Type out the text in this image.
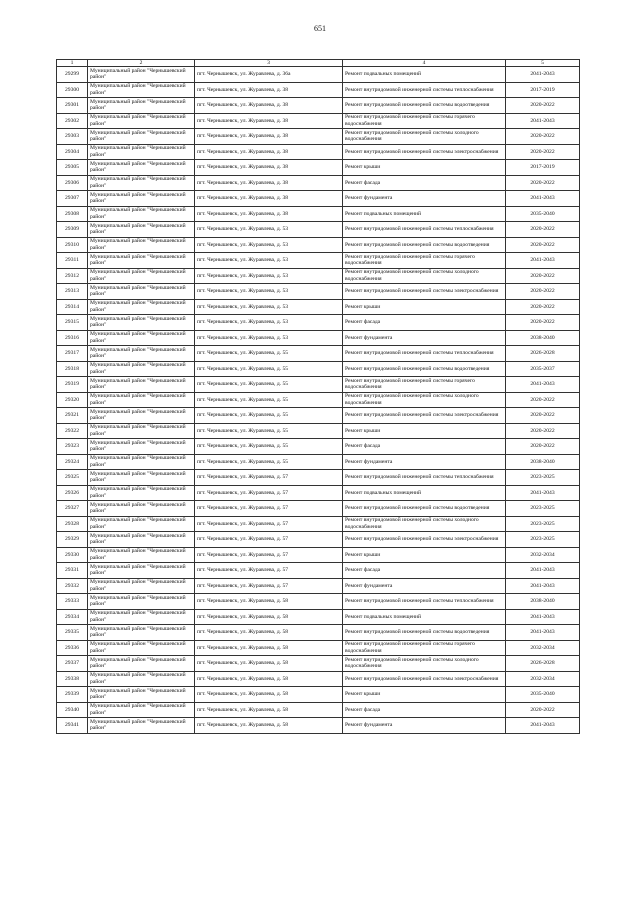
651
1	2	3	4	5
29299	Муниципальный район "Чернышевский район"	пгт. Чернышевск, ул. Журавлева, д. 36а	Ремонт подвальных помещений	2041-2043
29300	Муниципальный район "Чернышевский район"	пгт. Чернышевск, ул. Журавлева, д. 38	Ремонт внутридомовой инженерной системы теплоснабжения	2017-2019
29301	Муниципальный район "Чернышевский район"	пгт. Чернышевск, ул. Журавлева, д. 38	Ремонт внутридомовой инженерной системы водоотведения	2020-2022
29302	Муниципальный район "Чернышевский район"	пгт. Чернышевск, ул. Журавлева, д. 38	Ремонт внутридомовой инженерной системы горячего водоснабжения	2041-2043
29303	Муниципальный район "Чернышевский район"	пгт. Чернышевск, ул. Журавлева, д. 38	Ремонт внутридомовой инженерной системы холодного водоснабжения	2020-2022
29304	Муниципальный район "Чернышевский район"	пгт. Чернышевск, ул. Журавлева, д. 38	Ремонт внутридомовой инженерной системы электроснабжения	2020-2022
29305	Муниципальный район "Чернышевский район"	пгт. Чернышевск, ул. Журавлева, д. 38	Ремонт крыши	2017-2019
29306	Муниципальный район "Чернышевский район"	пгт. Чернышевск, ул. Журавлева, д. 38	Ремонт фасада	2020-2022
29307	Муниципальный район "Чернышевский район"	пгт. Чернышевск, ул. Журавлева, д. 38	Ремонт фундамента	2041-2043
29308	Муниципальный район "Чернышевский район"	пгт. Чернышевск, ул. Журавлева, д. 38	Ремонт подвальных помещений	2035-2040
29309	Муниципальный район "Чернышевский район"	пгт. Чернышевск, ул. Журавлева, д. 53	Ремонт внутридомовой инженерной системы теплоснабжения	2020-2022
29310	Муниципальный район "Чернышевский район"	пгт. Чернышевск, ул. Журавлева, д. 53	Ремонт внутридомовой инженерной системы водоотведения	2020-2022
29311	Муниципальный район "Чернышевский район"	пгт. Чернышевск, ул. Журавлева, д. 53	Ремонт внутридомовой инженерной системы горячего водоснабжения	2041-2043
29312	Муниципальный район "Чернышевский район"	пгт. Чернышевск, ул. Журавлева, д. 53	Ремонт внутридомовой инженерной системы холодного водоснабжения	2020-2022
29313	Муниципальный район "Чернышевский район"	пгт. Чернышевск, ул. Журавлева, д. 53	Ремонт внутридомовой инженерной системы электроснабжения	2020-2022
29314	Муниципальный район "Чернышевский район"	пгт. Чернышевск, ул. Журавлева, д. 53	Ремонт крыши	2020-2022
29315	Муниципальный район "Чернышевский район"	пгт. Чернышевск, ул. Журавлева, д. 53	Ремонт фасада	2020-2022
29316	Муниципальный район "Чернышевский район"	пгт. Чернышевск, ул. Журавлева, д. 53	Ремонт фундамента	2038-2040
29317	Муниципальный район "Чернышевский район"	пгт. Чернышевск, ул. Журавлева, д. 55	Ремонт внутридомовой инженерной системы теплоснабжения	2026-2028
29318	Муниципальный район "Чернышевский район"	пгт. Чернышевск, ул. Журавлева, д. 55	Ремонт внутридомовой инженерной системы водоотведения	2035-2037
29319	Муниципальный район "Чернышевский район"	пгт. Чернышевск, ул. Журавлева, д. 55	Ремонт внутридомовой инженерной системы горячего водоснабжения	2041-2043
29320	Муниципальный район "Чернышевский район"	пгт. Чернышевск, ул. Журавлева, д. 55	Ремонт внутридомовой инженерной системы холодного водоснабжения	2020-2022
29321	Муниципальный район "Чернышевский район"	пгт. Чернышевск, ул. Журавлева, д. 55	Ремонт внутридомовой инженерной системы электроснабжения	2020-2022
29322	Муниципальный район "Чернышевский район"	пгт. Чернышевск, ул. Журавлева, д. 55	Ремонт крыши	2020-2022
29323	Муниципальный район "Чернышевский район"	пгт. Чернышевск, ул. Журавлева, д. 55	Ремонт фасада	2020-2022
29324	Муниципальный район "Чернышевский район"	пгт. Чернышевск, ул. Журавлева, д. 55	Ремонт фундамента	2038-2040
29325	Муниципальный район "Чернышевский район"	пгт. Чернышевск, ул. Журавлева, д. 57	Ремонт внутридомовой инженерной системы теплоснабжения	2023-2025
29326	Муниципальный район "Чернышевский район"	пгт. Чернышевск, ул. Журавлева, д. 57	Ремонт подвальных помещений	2041-2043
29327	Муниципальный район "Чернышевский район"	пгт. Чернышевск, ул. Журавлева, д. 57	Ремонт внутридомовой инженерной системы водоотведения	2023-2025
29328	Муниципальный район "Чернышевский район"	пгт. Чернышевск, ул. Журавлева, д. 57	Ремонт внутридомовой инженерной системы холодного водоснабжения	2023-2025
29329	Муниципальный район "Чернышевский район"	пгт. Чернышевск, ул. Журавлева, д. 57	Ремонт внутридомовой инженерной системы электроснабжения	2023-2025
29330	Муниципальный район "Чернышевский район"	пгт. Чернышевск, ул. Журавлева, д. 57	Ремонт крыши	2032-2034
29331	Муниципальный район "Чернышевский район"	пгт. Чернышевск, ул. Журавлева, д. 57	Ремонт фасада	2041-2043
29332	Муниципальный район "Чернышевский район"	пгт. Чернышевск, ул. Журавлева, д. 57	Ремонт фундамента	2041-2043
29333	Муниципальный район "Чернышевский район"	пгт. Чернышевск, ул. Журавлева, д. 58	Ремонт внутридомовой инженерной системы теплоснабжения	2038-2040
29334	Муниципальный район "Чернышевский район"	пгт. Чернышевск, ул. Журавлева, д. 58	Ремонт подвальных помещений	2041-2043
29335	Муниципальный район "Чернышевский район"	пгт. Чернышевск, ул. Журавлева, д. 58	Ремонт внутридомовой инженерной системы водоотведения	2041-2043
29336	Муниципальный район "Чернышевский район"	пгт. Чернышевск, ул. Журавлева, д. 58	Ремонт внутридомовой инженерной системы горячего водоснабжения	2032-2034
29337	Муниципальный район "Чернышевский район"	пгт. Чернышевск, ул. Журавлева, д. 58	Ремонт внутридомовой инженерной системы холодного водоснабжения	2026-2028
29338	Муниципальный район "Чернышевский район"	пгт. Чернышевск, ул. Журавлева, д. 58	Ремонт внутридомовой инженерной системы электроснабжения	2032-2034
29339	Муниципальный район "Чернышевский район"	пгт. Чернышевск, ул. Журавлева, д. 58	Ремонт крыши	2035-2040
29340	Муниципальный район "Чернышевский район"	пгт. Чернышевск, ул. Журавлева, д. 58	Ремонт фасада	2020-2022
29341	Муниципальный район "Чернышевский район"	пгт. Чернышевск, ул. Журавлева, д. 58	Ремонт фундамента	2041-2043
